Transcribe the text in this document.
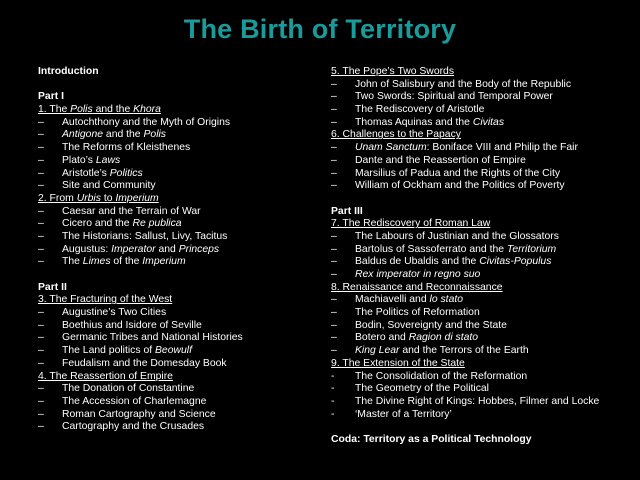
The Birth of Territory
Introduction
Part I
1. The Polis and the Khora
– Autochthony and the Myth of Origins
– Antigone and the Polis
– The Reforms of Kleisthenes
– Plato’s Laws
– Aristotle’s Politics
– Site and Community
2. From Urbis to Imperium
– Caesar and the Terrain of War
– Cicero and the Re publica
– The Historians: Sallust, Livy, Tacitus
– Augustus: Imperator and Princeps
– The Limes of the Imperium
Part II
3. The Fracturing of the West
– Augustine’s Two Cities
– Boethius and Isidore of Seville
– Germanic Tribes and National Histories
– The Land politics of Beowulf
– Feudalism and the Domesday Book
4. The Reassertion of Empire
– The Donation of Constantine
– The Accession of Charlemagne
– Roman Cartography and Science
– Cartography and the Crusades
5. The Pope’s Two Swords
– John of Salisbury and the Body of the Republic
– Two Swords: Spiritual and Temporal Power
– The Rediscovery of Aristotle
– Thomas Aquinas and the Civitas
6. Challenges to the Papacy
– Unam Sanctum: Boniface VIII and Philip the Fair
– Dante and the Reassertion of Empire
– Marsilius of Padua and the Rights of the City
– William of Ockham and the Politics of Poverty
Part III
7. The Rediscovery of Roman Law
– The Labours of Justinian and the Glossators
– Bartolus of Sassoferrato and the Territorium
– Baldus de Ubaldis and the Civitas-Populus
– Rex imperator in regno suo
8. Renaissance and Reconnaissance
– Machiavelli and lo stato
– The Politics of Reformation
– Bodin, Sovereignty and the State
– Botero and Ragion di stato
– King Lear and the Terrors of the Earth
9. The Extension of the State
- The Consolidation of the Reformation
- The Geometry of the Political
- The Divine Right of Kings: Hobbes, Filmer and Locke
- ‘Master of a Territory’
Coda: Territory as a Political Technology
